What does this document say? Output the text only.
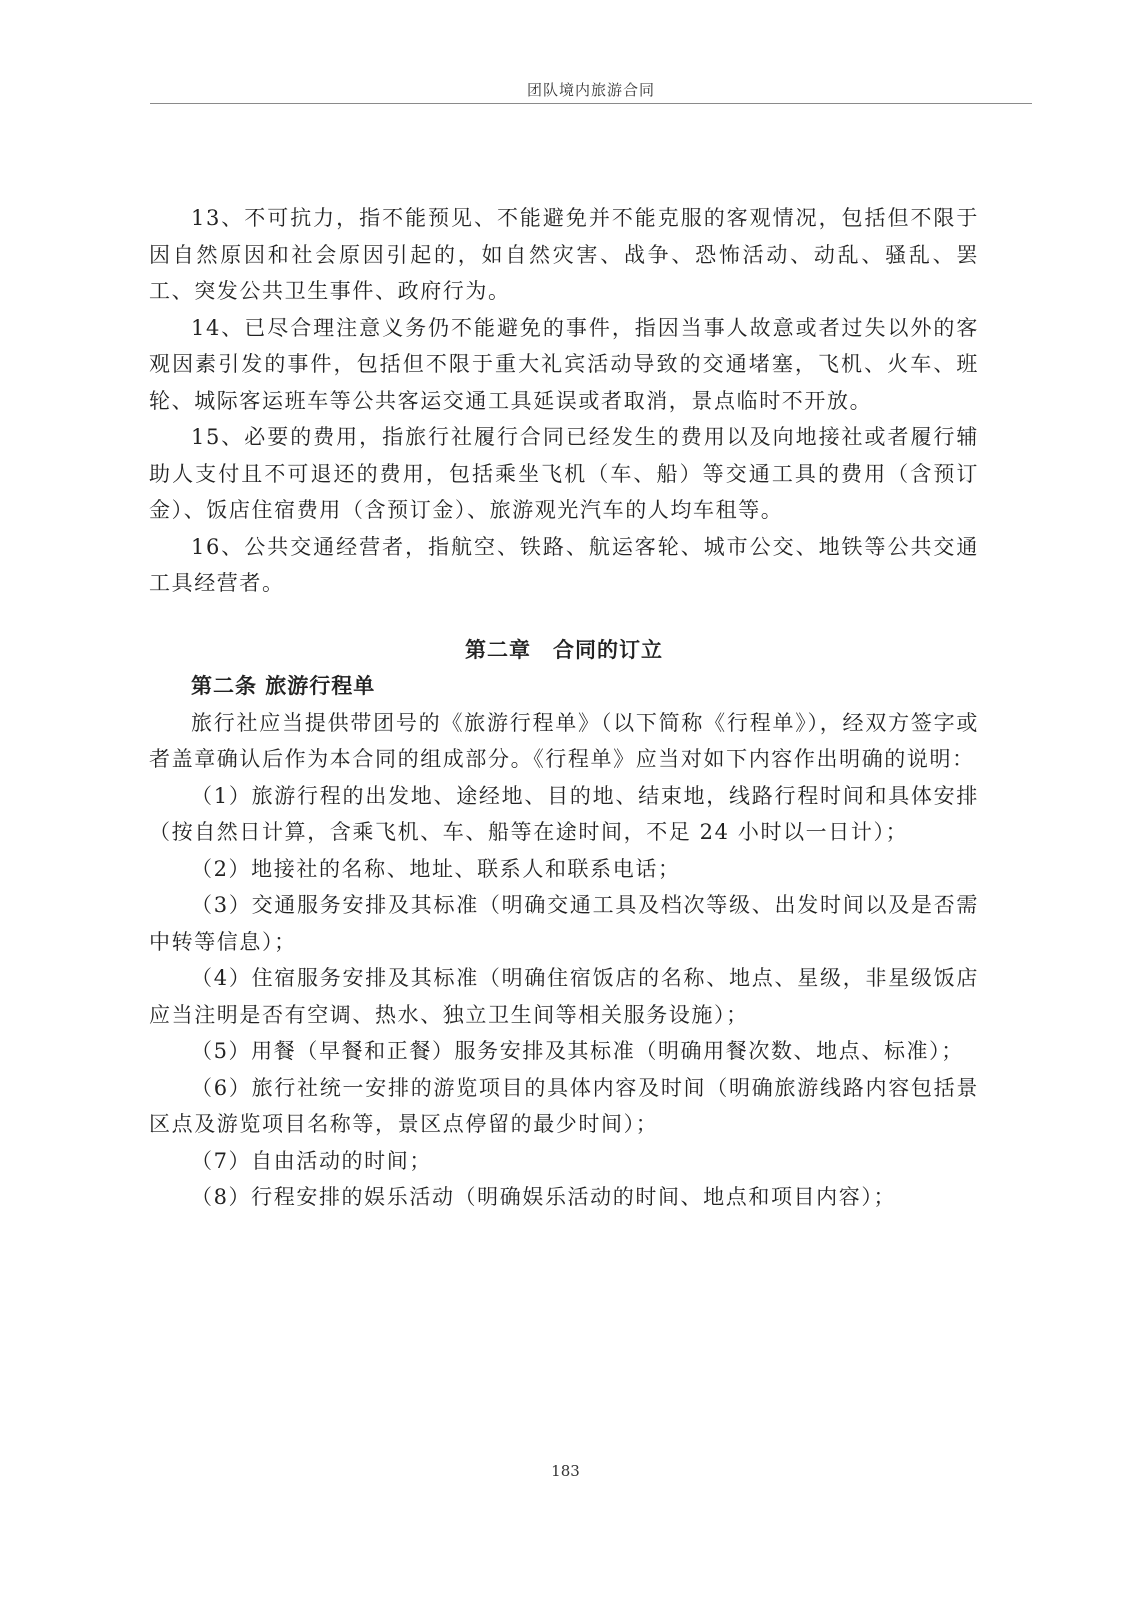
团队境内旅游合同

13、不可抗力，指不能预见、不能避免并不能克服的客观情况，包括但不限于因自然原因和社会原因引起的，如自然灾害、战争、恐怖活动、动乱、骚乱、罢工、突发公共卫生事件、政府行为。

14、已尽合理注意义务仍不能避免的事件，指因当事人故意或者过失以外的客观因素引发的事件，包括但不限于重大礼宾活动导致的交通堵塞，飞机、火车、班轮、城际客运班车等公共客运交通工具延误或者取消，景点临时不开放。

15、必要的费用，指旅行社履行合同已经发生的费用以及向地接社或者履行辅助人支付且不可退还的费用，包括乘坐飞机（车、船）等交通工具的费用（含预订金）、饭店住宿费用（含预订金）、旅游观光汽车的人均车租等。

16、公共交通经营者，指航空、铁路、航运客轮、城市公交、地铁等公共交通工具经营者。

第二章　合同的订立
第二条 旅游行程单

旅行社应当提供带团号的《旅游行程单》（以下简称《行程单》），经双方签字或者盖章确认后作为本合同的组成部分。《行程单》应当对如下内容作出明确的说明：

（1）旅游行程的出发地、途经地、目的地、结束地，线路行程时间和具体安排（按自然日计算，含乘飞机、车、船等在途时间，不足 24 小时以一日计）；

（2）地接社的名称、地址、联系人和联系电话；

（3）交通服务安排及其标准（明确交通工具及档次等级、出发时间以及是否需中转等信息）；

（4）住宿服务安排及其标准（明确住宿饭店的名称、地点、星级，非星级饭店应当注明是否有空调、热水、独立卫生间等相关服务设施）；

（5）用餐（早餐和正餐）服务安排及其标准（明确用餐次数、地点、标准）；

（6）旅行社统一安排的游览项目的具体内容及时间（明确旅游线路内容包括景区点及游览项目名称等，景区点停留的最少时间）；

（7）自由活动的时间；

（8）行程安排的娱乐活动（明确娱乐活动的时间、地点和项目内容）；

183
